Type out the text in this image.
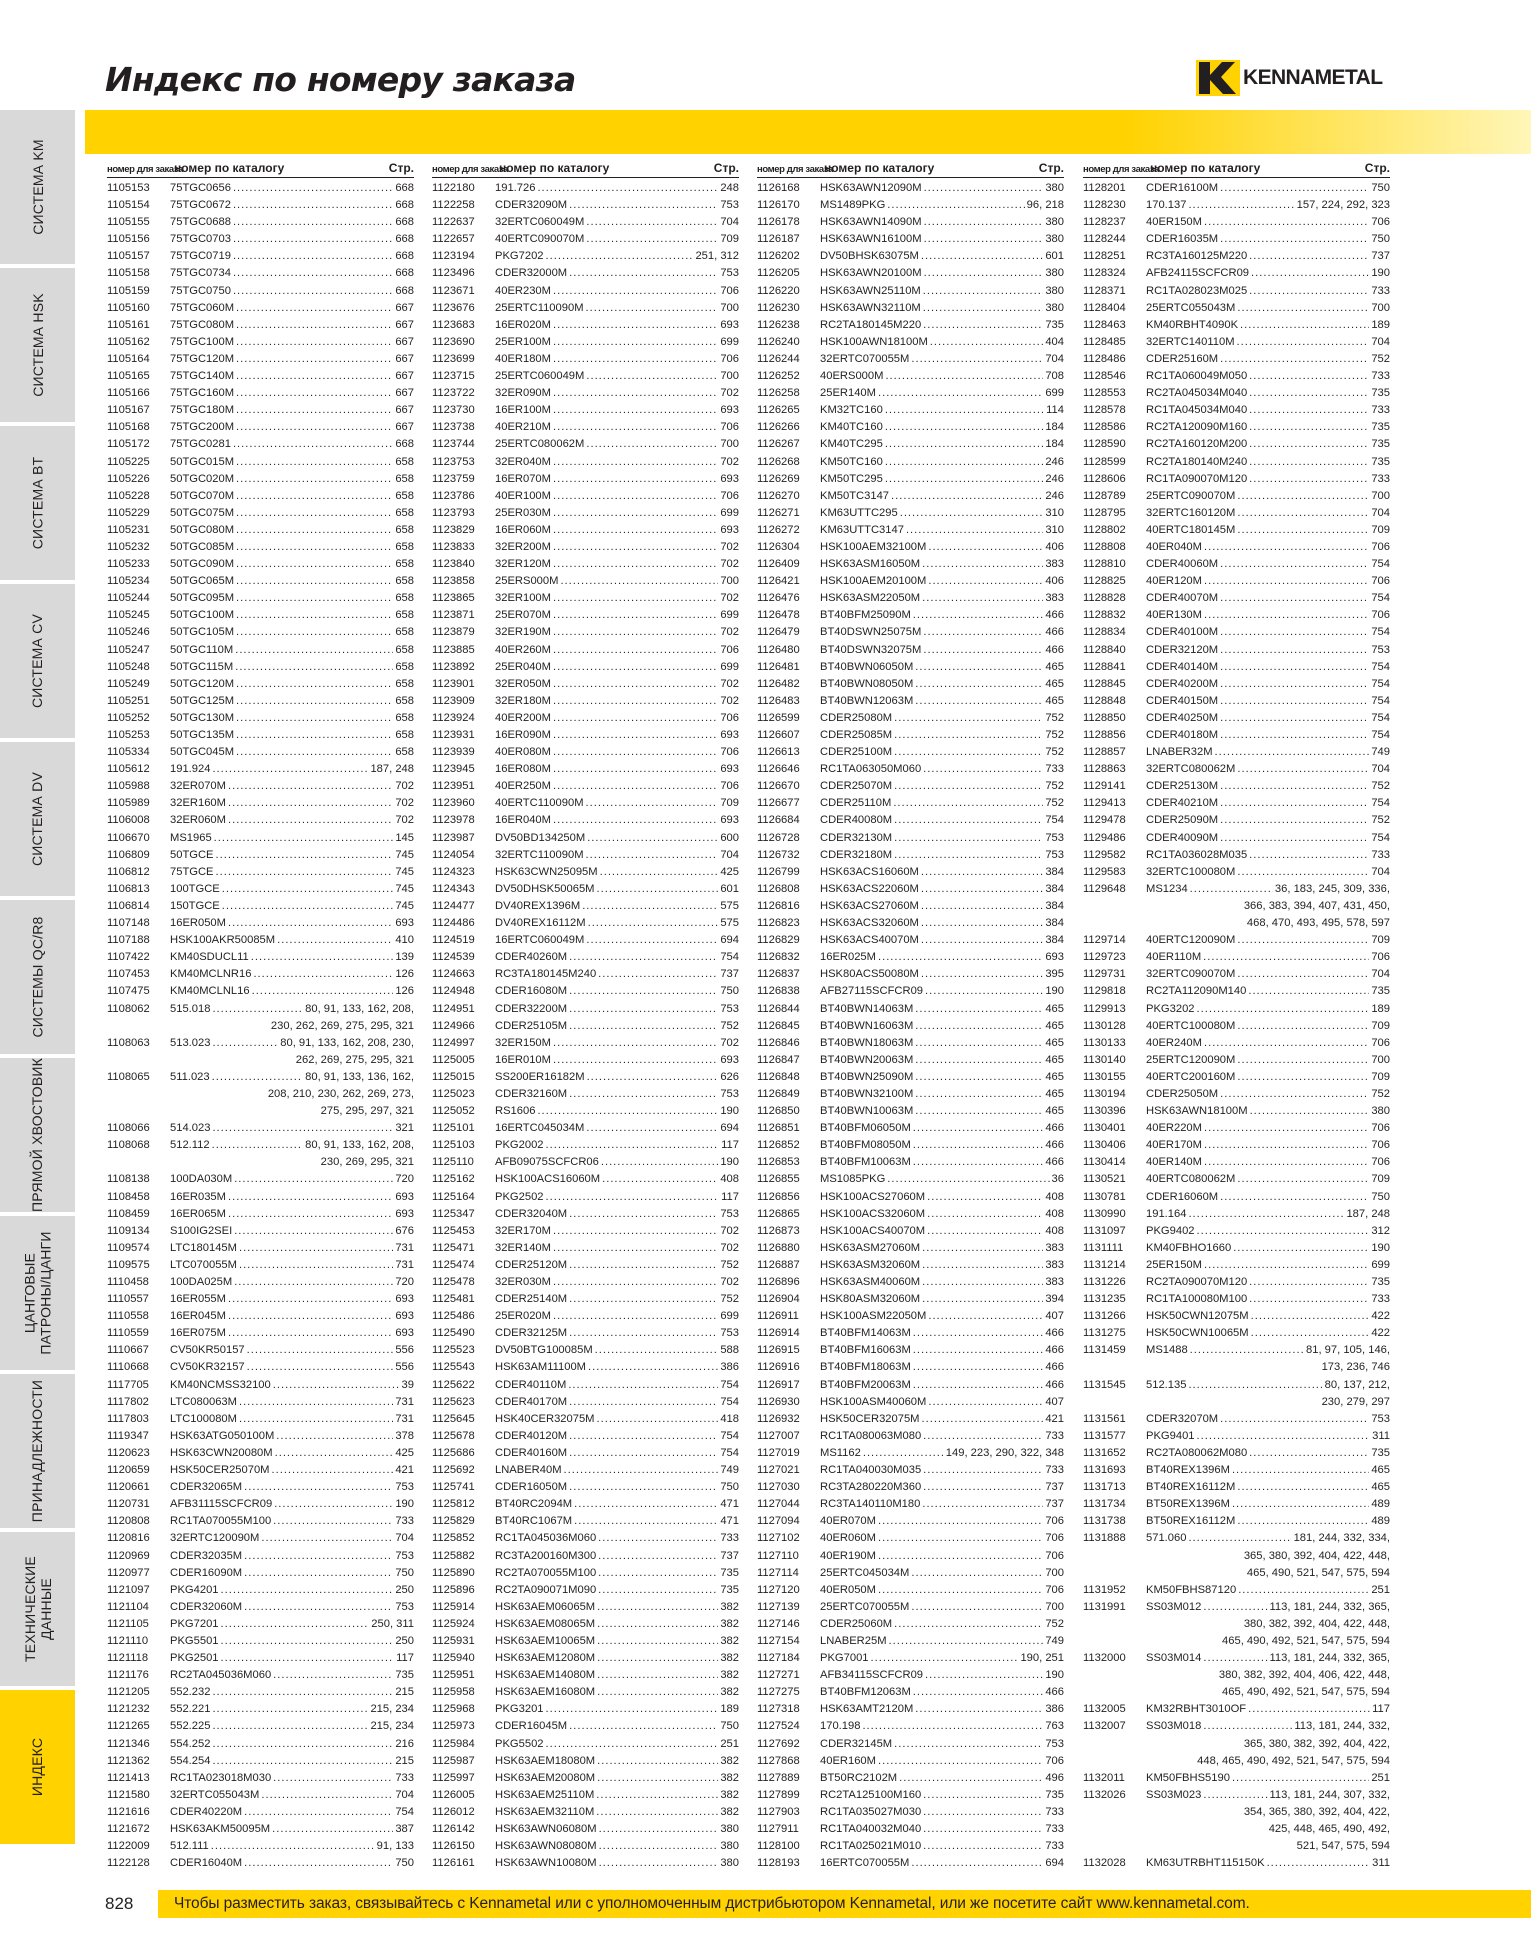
Индекс по номеру заказа	KENNAMETAL
СИСТЕМА KM
СИСТЕМА HSK
СИСТЕМА BT
СИСТЕМА CV
СИСТЕМА DV
СИСТЕМЫ QC/R8
ПРЯМОЙ ХВОСТОВИК
ЦАНГОВЫЕ
ПАТРОНЫ/ЦАНГИ
ПРИНАДЛЕЖНОСТИ
ТЕХНИЧЕСКИЕ
ДАННЫЕ
ИНДЕКС
номер для заказа
номер по каталогу	Стр.
1105153	75TGC0656 .....	668
1105154	75TGC0672 .....	668
1105155	75TGC0688 .....	668
1105156	75TGC0703 .....	668
1105157	75TGC0719 .....	668
1105158	75TGC0734 .....	668
1105159	75TGC0750 .....	668
1105160	75TGC060M .....	667
1105161	75TGC080M .....	667
1105162	75TGC100M .....	667
1105164	75TGC120M .....	667
1105165	75TGC140M .....	667
1105166	75TGC160M .....	667
1105167	75TGC180M .....	667
1105168	75TGC200M .....	667
1105172	75TGC0281 .....	668
1105225	50TGC015M .....	658
1105226	50TGC020M .....	658
1105228	50TGC070M .....	658
1105229	50TGC075M .....	658
1105231	50TGC080M .....	658
1105232	50TGC085M .....	658
1105233	50TGC090M .....	658
1105234	50TGC065M .....	658
1105244	50TGC095M .....	658
1105245	50TGC100M .....	658
1105246	50TGC105M .....	658
1105247	50TGC110M .....	658
1105248	50TGC115M .....	658
1105249	50TGC120M .....	658
1105251	50TGC125M .....	658
1105252	50TGC130M .....	658
1105253	50TGC135M .....	658
1105334	50TGC045M .....	658
1105612	191.924 .....	187, 248
1105988	32ER070M .....	702
1105989	32ER160M .....	702
1106008	32ER060M .....	702
1106670	MS1965 .....	145
1106809	50TGCE .....	745
1106812	75TGCE .....	745
1106813	100TGCE .....	745
1106814	150TGCE .....	745
1107148	16ER050M .....	693
1107188	HSK100AKR50085M .....	410
1107422	KM40SDUCL11 .....	139
1107453	KM40MCLNR16 .....	126
1107475	KM40MCLNL16 .....	126
1108062	515.018 .....	80, 91, 133, 162, 208,
230, 262, 269, 275, 295, 321
1108063	513.023 .....	80, 91, 133, 162, 208, 230,
262, 269, 275, 295, 321
1108065	511.023 .....	80, 91, 133, 136, 162,
208, 210, 230, 262, 269, 273,
275, 295, 297, 321
1108066	514.023 .....	321
1108068	512.112 .....	80, 91, 133, 162, 208,
230, 269, 295, 321
1108138	100DA030M .....	720
1108458	16ER035M .....	693
1108459	16ER065M .....	693
1109134	S100IG2SEI .....	676
1109574	LTC180145M .....	731
1109575	LTC070055M .....	731
1110458	100DA025M .....	720
1110557	16ER055M .....	693
1110558	16ER045M .....	693
1110559	16ER075M .....	693
1110667	CV50KR50157 .....	556
1110668	CV50KR32157 .....	556
1117705	KM40NCMSS32100 .....	39
1117802	LTC080063M .....	731
1117803	LTC100080M .....	731
1119347	HSK63ATG050100M .....	378
1120623	HSK63CWN20080M .....	425
1120659	HSK50CER25070M .....	421
1120661	CDER32065M .....	753
1120731	AFB31115SCFCR09 .....	190
1120808	RC1TA070055M100 .....	733
1120816	32ERTC120090M .....	704
1120969	CDER32035M .....	753
1120977	CDER16090M .....	750
1121097	PKG4201 .....	250
1121104	CDER32060M .....	753
1121105	PKG7201 .....	250, 311
1121110	PKG5501 .....	250
1121118	PKG2501 .....	117
1121176	RC2TA045036M060 .....	735
1121205	552.232 .....	215
1121232	552.221 .....	215, 234
1121265	552.225 .....	215, 234
1121346	554.252 .....	216
1121362	554.254 .....	215
1121413	RC1TA023018M030 .....	733
1121580	32ERTC055043M .....	704
1121616	CDER40220M .....	754
1121672	HSK63AKM50095M .....	387
1122009	512.111 .....	91, 133
1122128	CDER16040M .....	750
номер для заказа
номер по каталогу	Стр.
1122180	191.726 .....	248
1122258	CDER32090M .....	753
1122637	32ERTC060049M .....	704
1122657	40ERTC090070M .....	709
1123194	PKG7202 .....	251, 312
1123496	CDER32000M .....	753
1123671	40ER230M .....	706
1123676	25ERTC110090M .....	700
1123683	16ER020M .....	693
1123690	25ER100M .....	699
1123699	40ER180M .....	706
1123715	25ERTC060049M .....	700
1123722	32ER090M .....	702
1123730	16ER100M .....	693
1123738	40ER210M .....	706
1123744	25ERTC080062M .....	700
1123753	32ER040M .....	702
1123759	16ER070M .....	693
1123786	40ER100M .....	706
1123793	25ER030M .....	699
1123829	16ER060M .....	693
1123833	32ER200M .....	702
1123840	32ER120M .....	702
1123858	25ERS000M .....	700
1123865	32ER100M .....	702
1123871	25ER070M .....	699
1123879	32ER190M .....	702
1123885	40ER260M .....	706
1123892	25ER040M .....	699
1123901	32ER050M .....	702
1123909	32ER180M .....	702
1123924	40ER200M .....	706
1123931	16ER090M .....	693
1123939	40ER080M .....	706
1123945	16ER080M .....	693
1123951	40ER250M .....	706
1123960	40ERTC110090M .....	709
1123978	16ER040M .....	693
1123987	DV50BD134250M .....	600
1124054	32ERTC110090M .....	704
1124323	HSK63CWN25095M .....	425
1124343	DV50DHSK50065M .....	601
1124477	DV40REX1396M .....	575
1124486	DV40REX16112M .....	575
1124519	16ERTC060049M .....	694
1124539	CDER40260M .....	754
1124663	RC3TA180145M240 .....	737
1124948	CDER16080M .....	750
1124951	CDER32200M .....	753
1124966	CDER25105M .....	752
1124997	32ER150M .....	702
1125005	16ER010M .....	693
1125015	SS200ER16182M .....	626
1125023	CDER32160M .....	753
1125052	RS1606 .....	190
1125101	16ERTC045034M .....	694
1125103	PKG2002 .....	117
1125110	AFB09075SCFCR06 .....	190
1125162	HSK100ACS16060M .....	408
1125164	PKG2502 .....	117
1125347	CDER32040M .....	753
1125453	32ER170M .....	702
1125471	32ER140M .....	702
1125474	CDER25120M .....	752
1125478	32ER030M .....	702
1125481	CDER25140M .....	752
1125486	25ER020M .....	699
1125490	CDER32125M .....	753
1125523	DV50BTG100085M .....	588
1125543	HSK63AM11100M .....	386
1125622	CDER40110M .....	754
1125623	CDER40170M .....	754
1125645	HSK40CER32075M .....	418
1125678	CDER40120M .....	754
1125686	CDER40160M .....	754
1125692	LNABER40M .....	749
1125741	CDER16050M .....	750
1125812	BT40RC2094M .....	471
1125829	BT40RC1067M .....	471
1125852	RC1TA045036M060 .....	733
1125882	RC3TA200160M300 .....	737
1125890	RC2TA070055M100 .....	735
1125896	RC2TA090071M090 .....	735
1125914	HSK63AEM06065M .....	382
1125924	HSK63AEM08065M .....	382
1125931	HSK63AEM10065M .....	382
1125940	HSK63AEM12080M .....	382
1125951	HSK63AEM14080M .....	382
1125958	HSK63AEM16080M .....	382
1125968	PKG3201 .....	189
1125973	CDER16045M .....	750
1125984	PKG5502 .....	251
1125987	HSK63AEM18080M .....	382
1125997	HSK63AEM20080M .....	382
1126005	HSK63AEM25110M .....	382
1126012	HSK63AEM32110M .....	382
1126142	HSK63AWN06080M .....	380
1126150	HSK63AWN08080M .....	380
1126161	HSK63AWN10080M .....	380
номер для заказа
номер по каталогу	Стр.
1126168	HSK63AWN12090M .....	380
1126170	MS1489PKG .....	96, 218
1126178	HSK63AWN14090M .....	380
1126187	HSK63AWN16100M .....	380
1126202	DV50BHSK63075M .....	601
1126205	HSK63AWN20100M .....	380
1126220	HSK63AWN25110M .....	380
1126230	HSK63AWN32110M .....	380
1126238	RC2TA180145M220 .....	735
1126240	HSK100AWN18100M .....	404
1126244	32ERTC070055M .....	704
1126252	40ERS000M .....	708
1126258	25ER140M .....	699
1126265	KM32TC160 .....	114
1126266	KM40TC160 .....	184
1126267	KM40TC295 .....	184
1126268	KM50TC160 .....	246
1126269	KM50TC295 .....	246
1126270	KM50TC3147 .....	246
1126271	KM63UTTC295 .....	310
1126272	KM63UTTC3147 .....	310
1126304	HSK100AEM32100M .....	406
1126409	HSK63ASM16050M .....	383
1126421	HSK100AEM20100M .....	406
1126476	HSK63ASM22050M .....	383
1126478	BT40BFM25090M .....	466
1126479	BT40DSWN25075M .....	466
1126480	BT40DSWN32075M .....	466
1126481	BT40BWN06050M .....	465
1126482	BT40BWN08050M .....	465
1126483	BT40BWN12063M .....	465
1126599	CDER25080M .....	752
1126607	CDER25085M .....	752
1126613	CDER25100M .....	752
1126646	RC1TA063050M060 .....	733
1126670	CDER25070M .....	752
1126677	CDER25110M .....	752
1126684	CDER40080M .....	754
1126728	CDER32130M .....	753
1126732	CDER32180M .....	753
1126799	HSK63ACS16060M .....	384
1126808	HSK63ACS22060M .....	384
1126816	HSK63ACS27060M .....	384
1126823	HSK63ACS32060M .....	384
1126829	HSK63ACS40070M .....	384
1126832	16ER025M .....	693
1126837	HSK80ACS50080M .....	395
1126838	AFB27115SCFCR09 .....	190
1126844	BT40BWN14063M .....	465
1126845	BT40BWN16063M .....	465
1126846	BT40BWN18063M .....	465
1126847	BT40BWN20063M .....	465
1126848	BT40BWN25090M .....	465
1126849	BT40BWN32100M .....	465
1126850	BT40BWN10063M .....	465
1126851	BT40BFM06050M .....	466
1126852	BT40BFM08050M .....	466
1126853	BT40BFM10063M .....	466
1126855	MS1085PKG .....	36
1126856	HSK100ACS27060M .....	408
1126865	HSK100ACS32060M .....	408
1126873	HSK100ACS40070M .....	408
1126880	HSK63ASM27060M .....	383
1126887	HSK63ASM32060M .....	383
1126896	HSK63ASM40060M .....	383
1126904	HSK80ASM32060M .....	394
1126911	HSK100ASM22050M .....	407
1126914	BT40BFM14063M .....	466
1126915	BT40BFM16063M .....	466
1126916	BT40BFM18063M .....	466
1126917	BT40BFM20063M .....	466
1126930	HSK100ASM40060M .....	407
1126932	HSK50CER32075M .....	421
1127007	RC1TA080063M080 .....	733
1127019	MS1162 .....	149, 223, 290, 322, 348
1127021	RC1TA040030M035 .....	733
1127030	RC3TA280220M360 .....	737
1127044	RC3TA140110M180 .....	737
1127094	40ER070M .....	706
1127102	40ER060M .....	706
1127110	40ER190M .....	706
1127114	25ERTC045034M .....	700
1127120	40ER050M .....	706
1127139	25ERTC070055M .....	700
1127146	CDER25060M .....	752
1127154	LNABER25M .....	749
1127184	PKG7001 .....	190, 251
1127271	AFB34115SCFCR09 .....	190
1127275	BT40BFM12063M .....	466
1127318	HSK63AMT2120M .....	386
1127524	170.198 .....	763
1127692	CDER32145M .....	753
1127868	40ER160M .....	706
1127889	BT50RC2102M .....	496
1127899	RC2TA125100M160 .....	735
1127903	RC1TA035027M030 .....	733
1127911	RC1TA040032M040 .....	733
1128100	RC1TA025021M010 .....	733
1128193	16ERTC070055M .....	694
номер для заказа
номер по каталогу	Стр.
1128201	CDER16100M .....	750
1128230	170.137 .....	157, 224, 292, 323
1128237	40ER150M .....	706
1128244	CDER16035M .....	750
1128251	RC3TA160125M220 .....	737
1128324	AFB24115SCFCR09 .....	190
1128371	RC1TA028023M025 .....	733
1128404	25ERTC055043M .....	700
1128463	KM40RBHT4090K .....	189
1128485	32ERTC140110M .....	704
1128486	CDER25160M .....	752
1128546	RC1TA060049M050 .....	733
1128553	RC2TA045034M040 .....	735
1128578	RC1TA045034M040 .....	733
1128586	RC2TA120090M160 .....	735
1128590	RC2TA160120M200 .....	735
1128599	RC2TA180140M240 .....	735
1128606	RC1TA090070M120 .....	733
1128789	25ERTC090070M .....	700
1128795	32ERTC160120M .....	704
1128802	40ERTC180145M .....	709
1128808	40ER040M .....	706
1128810	CDER40060M .....	754
1128825	40ER120M .....	706
1128828	CDER40070M .....	754
1128832	40ER130M .....	706
1128834	CDER40100M .....	754
1128840	CDER32120M .....	753
1128841	CDER40140M .....	754
1128845	CDER40200M .....	754
1128848	CDER40150M .....	754
1128850	CDER40250M .....	754
1128856	CDER40180M .....	754
1128857	LNABER32M .....	749
1128863	32ERTC080062M .....	704
1129141	CDER25130M .....	752
1129413	CDER40210M .....	754
1129478	CDER25090M .....	752
1129486	CDER40090M .....	754
1129582	RC1TA036028M035 .....	733
1129583	32ERTC100080M .....	704
1129648	MS1234 .....	36, 183, 245, 309, 336,
366, 383, 394, 407, 431, 450,
468, 470, 493, 495, 578, 597
1129714	40ERTC120090M .....	709
1129723	40ER110M .....	706
1129731	32ERTC090070M .....	704
1129818	RC2TA112090M140 .....	735
1129913	PKG3202 .....	189
1130128	40ERTC100080M .....	709
1130133	40ER240M .....	706
1130140	25ERTC120090M .....	700
1130155	40ERTC200160M .....	709
1130194	CDER25050M .....	752
1130396	HSK63AWN18100M .....	380
1130401	40ER220M .....	706
1130406	40ER170M .....	706
1130414	40ER140M .....	706
1130521	40ERTC080062M .....	709
1130781	CDER16060M .....	750
1130990	191.164 .....	187, 248
1131097	PKG9402 .....	312
1131111	KM40FBHO1660 .....	190
1131214	25ER150M .....	699
1131226	RC2TA090070M120 .....	735
1131235	RC1TA100080M100 .....	733
1131266	HSK50CWN12075M .....	422
1131275	HSK50CWN10065M .....	422
1131459	MS1488 .....	81, 97, 105, 146,
173, 236, 746
1131545	512.135 .....	80, 137, 212,
230, 279, 297
1131561	CDER32070M .....	753
1131577	PKG9401 .....	311
1131652	RC2TA080062M080 .....	735
1131693	BT40REX1396M .....	465
1131713	BT40REX16112M .....	465
1131734	BT50REX1396M .....	489
1131738	BT50REX16112M .....	489
1131888	571.060 .....	181, 244, 332, 334,
365, 380, 392, 404, 422, 448,
465, 490, 521, 547, 575, 594
1131952	KM50FBHS87120 .....	251
1131991	SS03M012 .....	113, 181, 244, 332, 365,
380, 382, 392, 404, 422, 448,
465, 490, 492, 521, 547, 575, 594
1132000	SS03M014 .....	113, 181, 244, 332, 365,
380, 382, 392, 404, 406, 422, 448,
465, 490, 492, 521, 547, 575, 594
1132005	KM32RBHT3010OF .....	117
1132007	SS03M018 .....	113, 181, 244, 332,
365, 380, 382, 392, 404, 422,
448, 465, 490, 492, 521, 547, 575, 594
1132011	KM50FBHS5190 .....	251
1132026	SS03M023 .....	113, 181, 244, 307, 332,
354, 365, 380, 392, 404, 422,
425, 448, 465, 490, 492,
521, 547, 575, 594
1132028	KM63UTRBHT115150K .....	311
828	Чтобы разместить заказ, связывайтесь с Kennametal или с уполномоченным дистрибьютором Kennametal, или же посетите сайт www.kennametal.com.
